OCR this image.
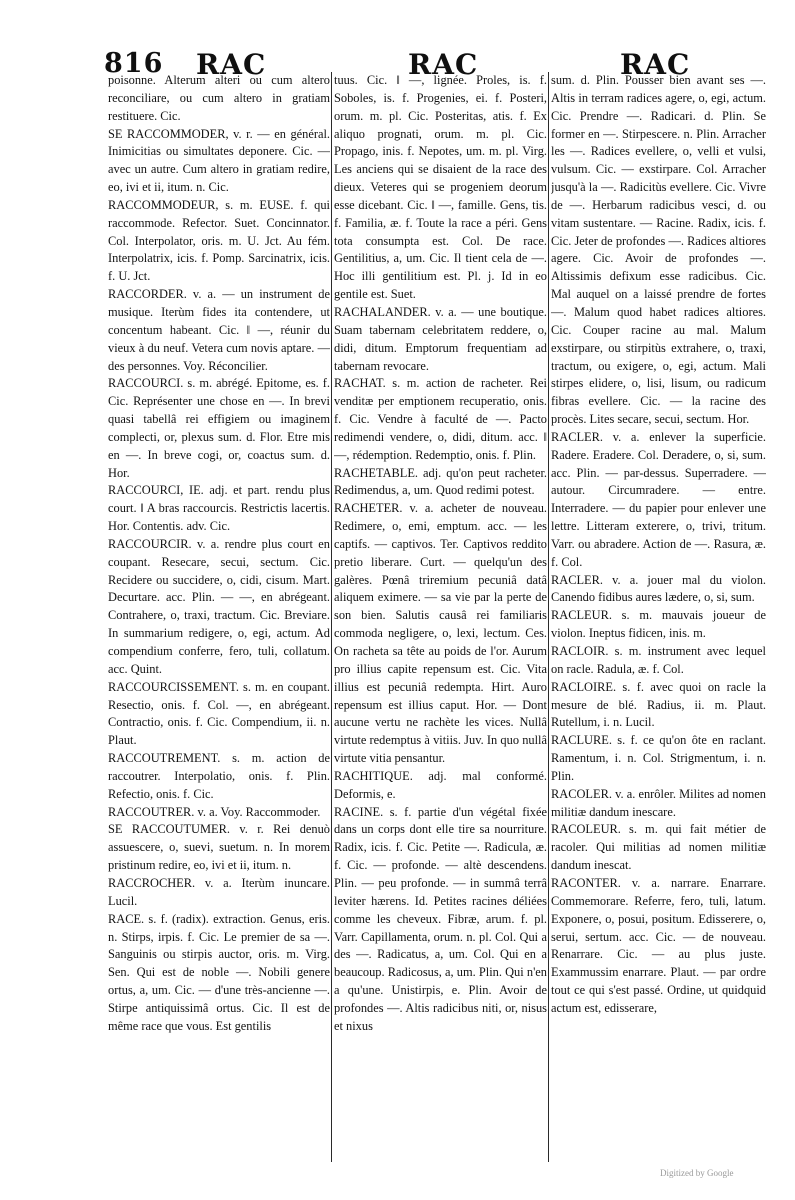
816 RAC	RAC	RAC

poisonne. Alterum alteri ou cum altero reconciliare, ou cum altero in gratiam restituere. Cic.

SE RACCOMMODER, v. r. — en général. Inimicitias ou simultates deponere. Cic. — avec un autre. Cum altero in gratiam redire, eo, ivi et ii, itum. n. Cic.

RACCOMMODEUR, s. m. EUSE. f. qui raccommode. Refector. Suet. Concinnator. Col. Interpolator, oris. m. U. Jct. Au fém. Interpolatrix, icis. f. Pomp. Sarcinatrix, icis. f. U. Jct.

RACCORDER. v. a. — un instrument de musique. Iterùm fides ita contendere, ut concentum habeant. Cic. ‖ —, réunir du vieux à du neuf. Vetera cum novis aptare. — des personnes. Voy. Réconcilier.

RACCOURCI. s. m. abrégé. Epitome, es. f. Cic. Représenter une chose en —. In brevi quasi tabellâ rei effigiem ou imaginem complecti, or, plexus sum. d. Flor. Etre mis en —. In breve cogi, or, coactus sum. d. Hor.

RACCOURCI, IE. adj. et part. rendu plus court. ‖ A bras raccourcis. Restrictis lacertis. Hor. Contentis. adv. Cic.

RACCOURCIR. v. a. rendre plus court en coupant. Resecare, secui, sectum. Cic. Recidere ou succidere, o, cidi, cisum. Mart. Decurtare. acc. Plin. — —, en abrégeant. Contrahere, o, traxi, tractum. Cic. Breviare. In summarium redigere, o, egi, actum. Ad compendium conferre, fero, tuli, collatum. acc. Quint.

RACCOURCISSEMENT. s. m. en coupant. Resectio, onis. f. Col. —, en abrégeant. Contractio, onis. f. Cic. Compendium, ii. n. Plaut.

RACCOUTREMENT. s. m. action de raccoutrer. Interpolatio, onis. f. Plin. Refectio, onis. f. Cic.

RACCOUTRER. v. a. Voy. Raccommoder.

SE RACCOUTUMER. v. r. Rei denuò assuescere, o, suevi, suetum. n. In morem pristinum redire, eo, ivi et ii, itum. n.

RACCROCHER. v. a. Iterùm inuncare. Lucil.

RACE. s. f. (radix). extraction. Genus, eris. n. Stirps, irpis. f. Cic. Le premier de sa —. Sanguinis ou stirpis auctor, oris. m. Virg. Sen. Qui est de noble —. Nobili genere ortus, a, um. Cic. — d'une très-ancienne —. Stirpe antiquissimâ ortus. Cic. Il est de même race que vous. Est gentilis

tuus. Cic. ‖ —, lignée. Proles, is. f. Soboles, is. f. Progenies, ei. f. Posteri, orum. m. pl. Cic. Posteritas, atis. f. Ex aliquo prognati, orum. m. pl. Cic. Propago, inis. f. Nepotes, um. m. pl. Virg. Les anciens qui se disaient de la race des dieux. Veteres qui se progeniem deorum esse dicebant. Cic. ‖ —, famille. Gens, tis. f. Familia, æ. f. Toute la race a péri. Gens tota consumpta est. Col. De race. Gentilitius, a, um. Cic. Il tient cela de —. Hoc illi gentilitium est. Pl. j. Id in eo gentile est. Suet.

RACHALANDER. v. a. — une boutique. Suam tabernam celebritatem reddere, o, didi, ditum. Emptorum frequentiam ad tabernam revocare.

RACHAT. s. m. action de racheter. Rei venditæ per emptionem recuperatio, onis. f. Cic. Vendre à faculté de —. Pacto redimendi vendere, o, didi, ditum. acc. ‖ —, rédemption. Redemptio, onis. f. Plin.

RACHETABLE. adj. qu'on peut racheter. Redimendus, a, um. Quod redimi potest.

RACHETER. v. a. acheter de nouveau. Redimere, o, emi, emptum. acc. — les captifs. — captivos. Ter. Captivos reddito pretio liberare. Curt. — quelqu'un des galères. Pœnâ triremium pecuniâ datâ aliquem eximere. — sa vie par la perte de son bien. Salutis causâ rei familiaris commoda negligere, o, lexi, lectum. Ces. On racheta sa tête au poids de l'or. Aurum pro illius capite repensum est. Cic. Vita illius est pecuniâ redempta. Hirt. Auro repensum est illius caput. Hor. — Dont aucune vertu ne rachète les vices. Nullâ virtute redemptus à vitiis. Juv. In quo nullâ virtute vitia pensantur.

RACHITIQUE. adj. mal conformé. Deformis, e.

RACINE. s. f. partie d'un végétal fixée dans un corps dont elle tire sa nourriture. Radix, icis. f. Cic. Petite —. Radicula, æ. f. Cic. — profonde. — altè descendens. Plin. — peu profonde. — in summâ terrâ leviter hærens. Id. Petites racines déliées comme les cheveux. Fibræ, arum. f. pl. Varr. Capillamenta, orum. n. pl. Col. Qui a des —. Radicatus, a, um. Col. Qui en a beaucoup. Radicosus, a, um. Plin. Qui n'en a qu'une. Unistirpis, e. Plin. Avoir de profondes —. Altis radicibus niti, or, nisus et nixus

sum. d. Plin. Pousser bien avant ses —. Altis in terram radices agere, o, egi, actum. Cic. Prendre —. Radicari. d. Plin. Se former en —. Stirpescere. n. Plin. Arracher les —. Radices evellere, o, velli et vulsi, vulsum. Cic. — exstirpare. Col. Arracher jusqu'à la —. Radicitùs evellere. Cic. Vivre de —. Herbarum radicibus vesci, d. ou vitam sustentare. — Racine. Radix, icis. f. Cic. Jeter de profondes —. Radices altiores agere. Cic. Avoir de profondes —. Altissimis defixum esse radicibus. Cic. Mal auquel on a laissé prendre de fortes —. Malum quod habet radices altiores. Cic. Couper racine au mal. Malum exstirpare, ou stirpitùs extrahere, o, traxi, tractum, ou exigere, o, egi, actum. Mali stirpes elidere, o, lisi, lisum, ou radicum fibras evellere. Cic. — la racine des procès. Lites secare, secui, sectum. Hor.

RACLER. v. a. enlever la superficie. Radere. Eradere. Col. Deradere, o, si, sum. acc. Plin. — par-dessus. Superradere. — autour. Circumradere. — entre. Interradere. — du papier pour enlever une lettre. Litteram exterere, o, trivi, tritum. Varr. ou abradere. Action de —. Rasura, æ. f. Col.

RACLER. v. a. jouer mal du violon. Canendo fidibus aures lædere, o, si, sum.

RACLEUR. s. m. mauvais joueur de violon. Ineptus fidicen, inis. m.

RACLOIR. s. m. instrument avec lequel on racle. Radula, æ. f. Col.

RACLOIRE. s. f. avec quoi on racle la mesure de blé. Radius, ii. m. Plaut. Rutellum, i. n. Lucil.

RACLURE. s. f. ce qu'on ôte en raclant. Ramentum, i. n. Col. Strigmentum, i. n. Plin.

RACOLER. v. a. enrôler. Milites ad nomen militiæ dandum inescare.

RACOLEUR. s. m. qui fait métier de racoler. Qui militias ad nomen militiæ dandum inescat.

RACONTER. v. a. narrare. Enarrare. Commemorare. Referre, fero, tuli, latum. Exponere, o, posui, positum. Edisserere, o, serui, sertum. acc. Cic. — de nouveau. Renarrare. Cic. — au plus juste. Exammussim enarrare. Plaut. — par ordre tout ce qui s'est passé. Ordine, ut quidquid actum est, edisserare,

Digitized by Google
